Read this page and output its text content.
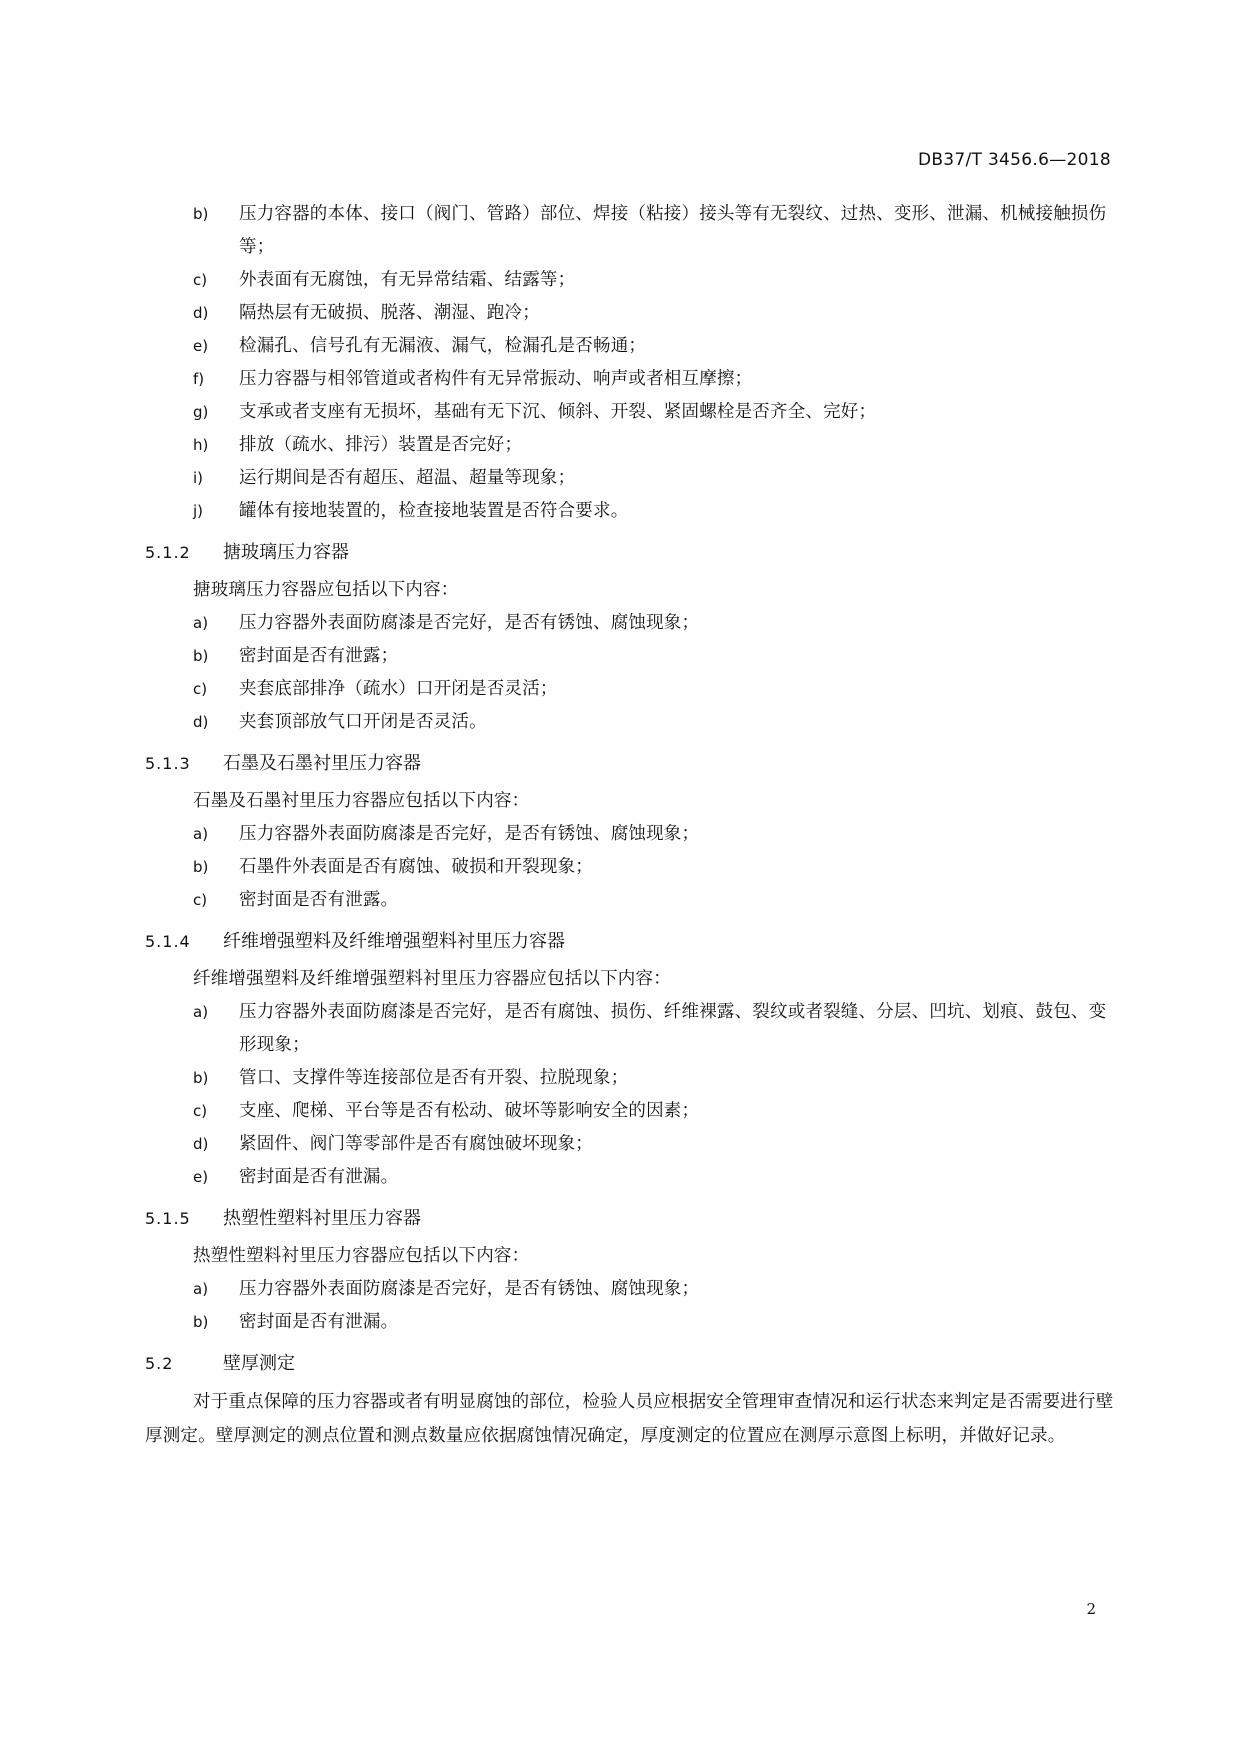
DB37/T 3456.6—2018
b)	压力容器的本体、接口（阀门、管路）部位、焊接（粘接）接头等有无裂纹、过热、变形、泄漏、机械接触损伤等；
c)	外表面有无腐蚀，有无异常结霜、结露等；
d)	隔热层有无破损、脱落、潮湿、跑冷；
e)	检漏孔、信号孔有无漏液、漏气，检漏孔是否畅通；
f)	压力容器与相邻管道或者构件有无异常振动、响声或者相互摩擦；
g)	支承或者支座有无损坏，基础有无下沉、倾斜、开裂、紧固螺栓是否齐全、完好；
h)	排放（疏水、排污）装置是否完好；
i)	运行期间是否有超压、超温、超量等现象；
j)	罐体有接地装置的，检查接地装置是否符合要求。
5.1.2	搪玻璃压力容器
搪玻璃压力容器应包括以下内容：
a)	压力容器外表面防腐漆是否完好，是否有锈蚀、腐蚀现象；
b)	密封面是否有泄露；
c)	夹套底部排净（疏水）口开闭是否灵活；
d)	夹套顶部放气口开闭是否灵活。
5.1.3	石墨及石墨衬里压力容器
石墨及石墨衬里压力容器应包括以下内容：
a)	压力容器外表面防腐漆是否完好，是否有锈蚀、腐蚀现象；
b)	石墨件外表面是否有腐蚀、破损和开裂现象；
c)	密封面是否有泄露。
5.1.4	纤维增强塑料及纤维增强塑料衬里压力容器
纤维增强塑料及纤维增强塑料衬里压力容器应包括以下内容：
a)	压力容器外表面防腐漆是否完好，是否有腐蚀、损伤、纤维裸露、裂纹或者裂缝、分层、凹坑、划痕、鼓包、变形现象；
b)	管口、支撑件等连接部位是否有开裂、拉脱现象；
c)	支座、爬梯、平台等是否有松动、破坏等影响安全的因素；
d)	紧固件、阀门等零部件是否有腐蚀破坏现象；
e)	密封面是否有泄漏。
5.1.5	热塑性塑料衬里压力容器
热塑性塑料衬里压力容器应包括以下内容：
a)	压力容器外表面防腐漆是否完好，是否有锈蚀、腐蚀现象；
b)	密封面是否有泄漏。
5.2	壁厚测定
对于重点保障的压力容器或者有明显腐蚀的部位，检验人员应根据安全管理审查情况和运行状态来判定是否需要进行壁厚测定。壁厚测定的测点位置和测点数量应依据腐蚀情况确定，厚度测定的位置应在测厚示意图上标明，并做好记录。
2
